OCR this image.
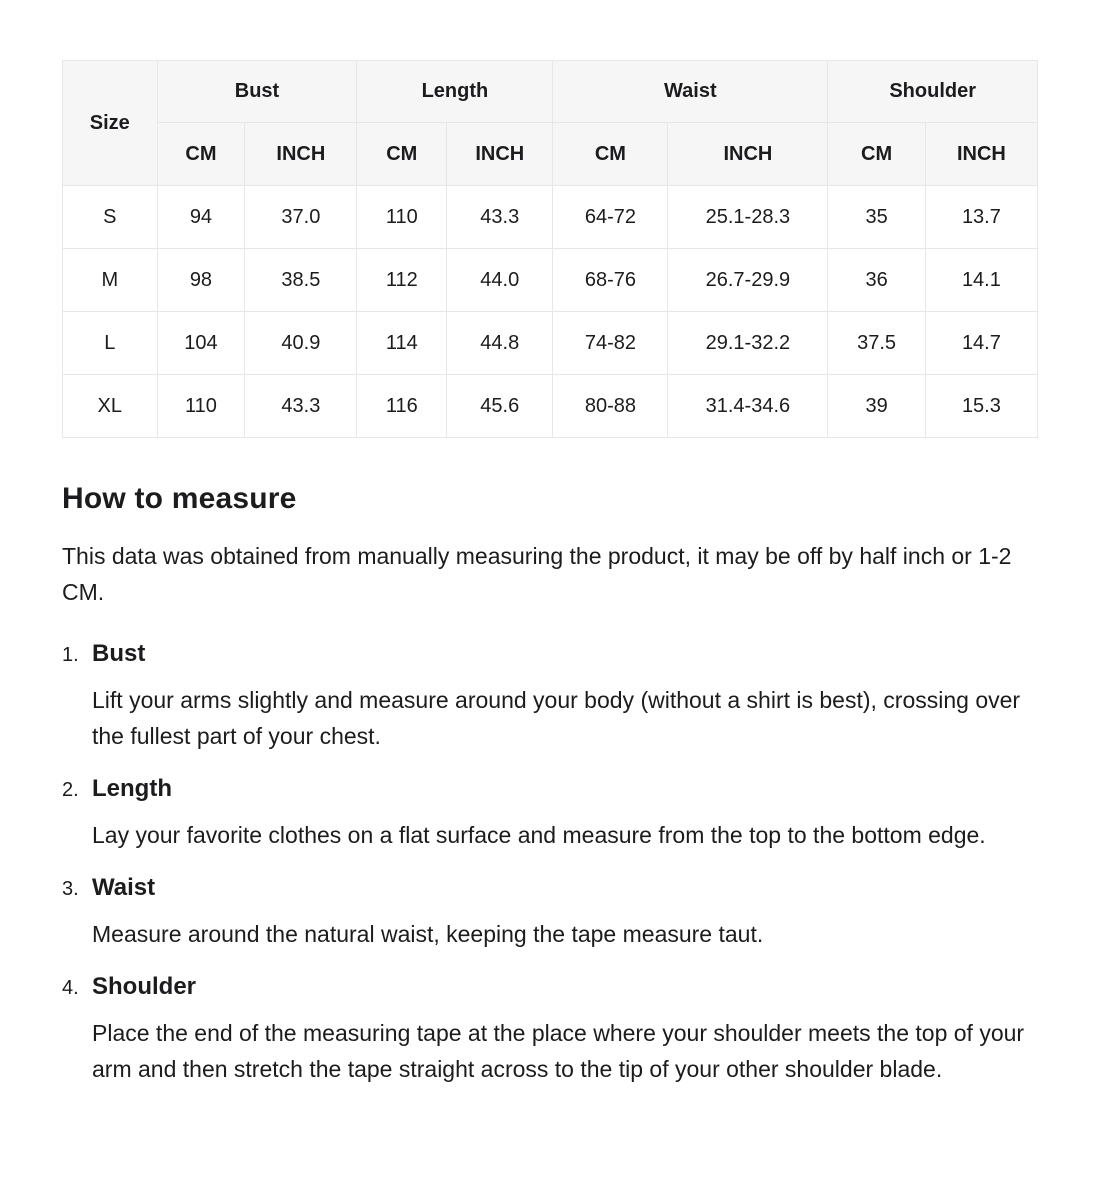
Size	Bust		Length		Waist		Shoulder	
	CM	INCH	CM	INCH	CM	INCH	CM	INCH
S	94	37.0	110	43.3	64-72	25.1-28.3	35	13.7
M	98	38.5	112	44.0	68-76	26.7-29.9	36	14.1
L	104	40.9	114	44.8	74-82	29.1-32.2	37.5	14.7
XL	110	43.3	116	45.6	80-88	31.4-34.6	39	15.3
How to measure

This data was obtained from manually measuring the product, it may be off by half inch or 1-2 CM.

1. Bust

Lift your arms slightly and measure around your body (without a shirt is best), crossing over the fullest part of your chest.

2. Length

Lay your favorite clothes on a flat surface and measure from the top to the bottom edge.

3. Waist

Measure around the natural waist, keeping the tape measure taut.

4. Shoulder

Place the end of the measuring tape at the place where your shoulder meets the top of your arm and then stretch the tape straight across to the tip of your other shoulder blade.
